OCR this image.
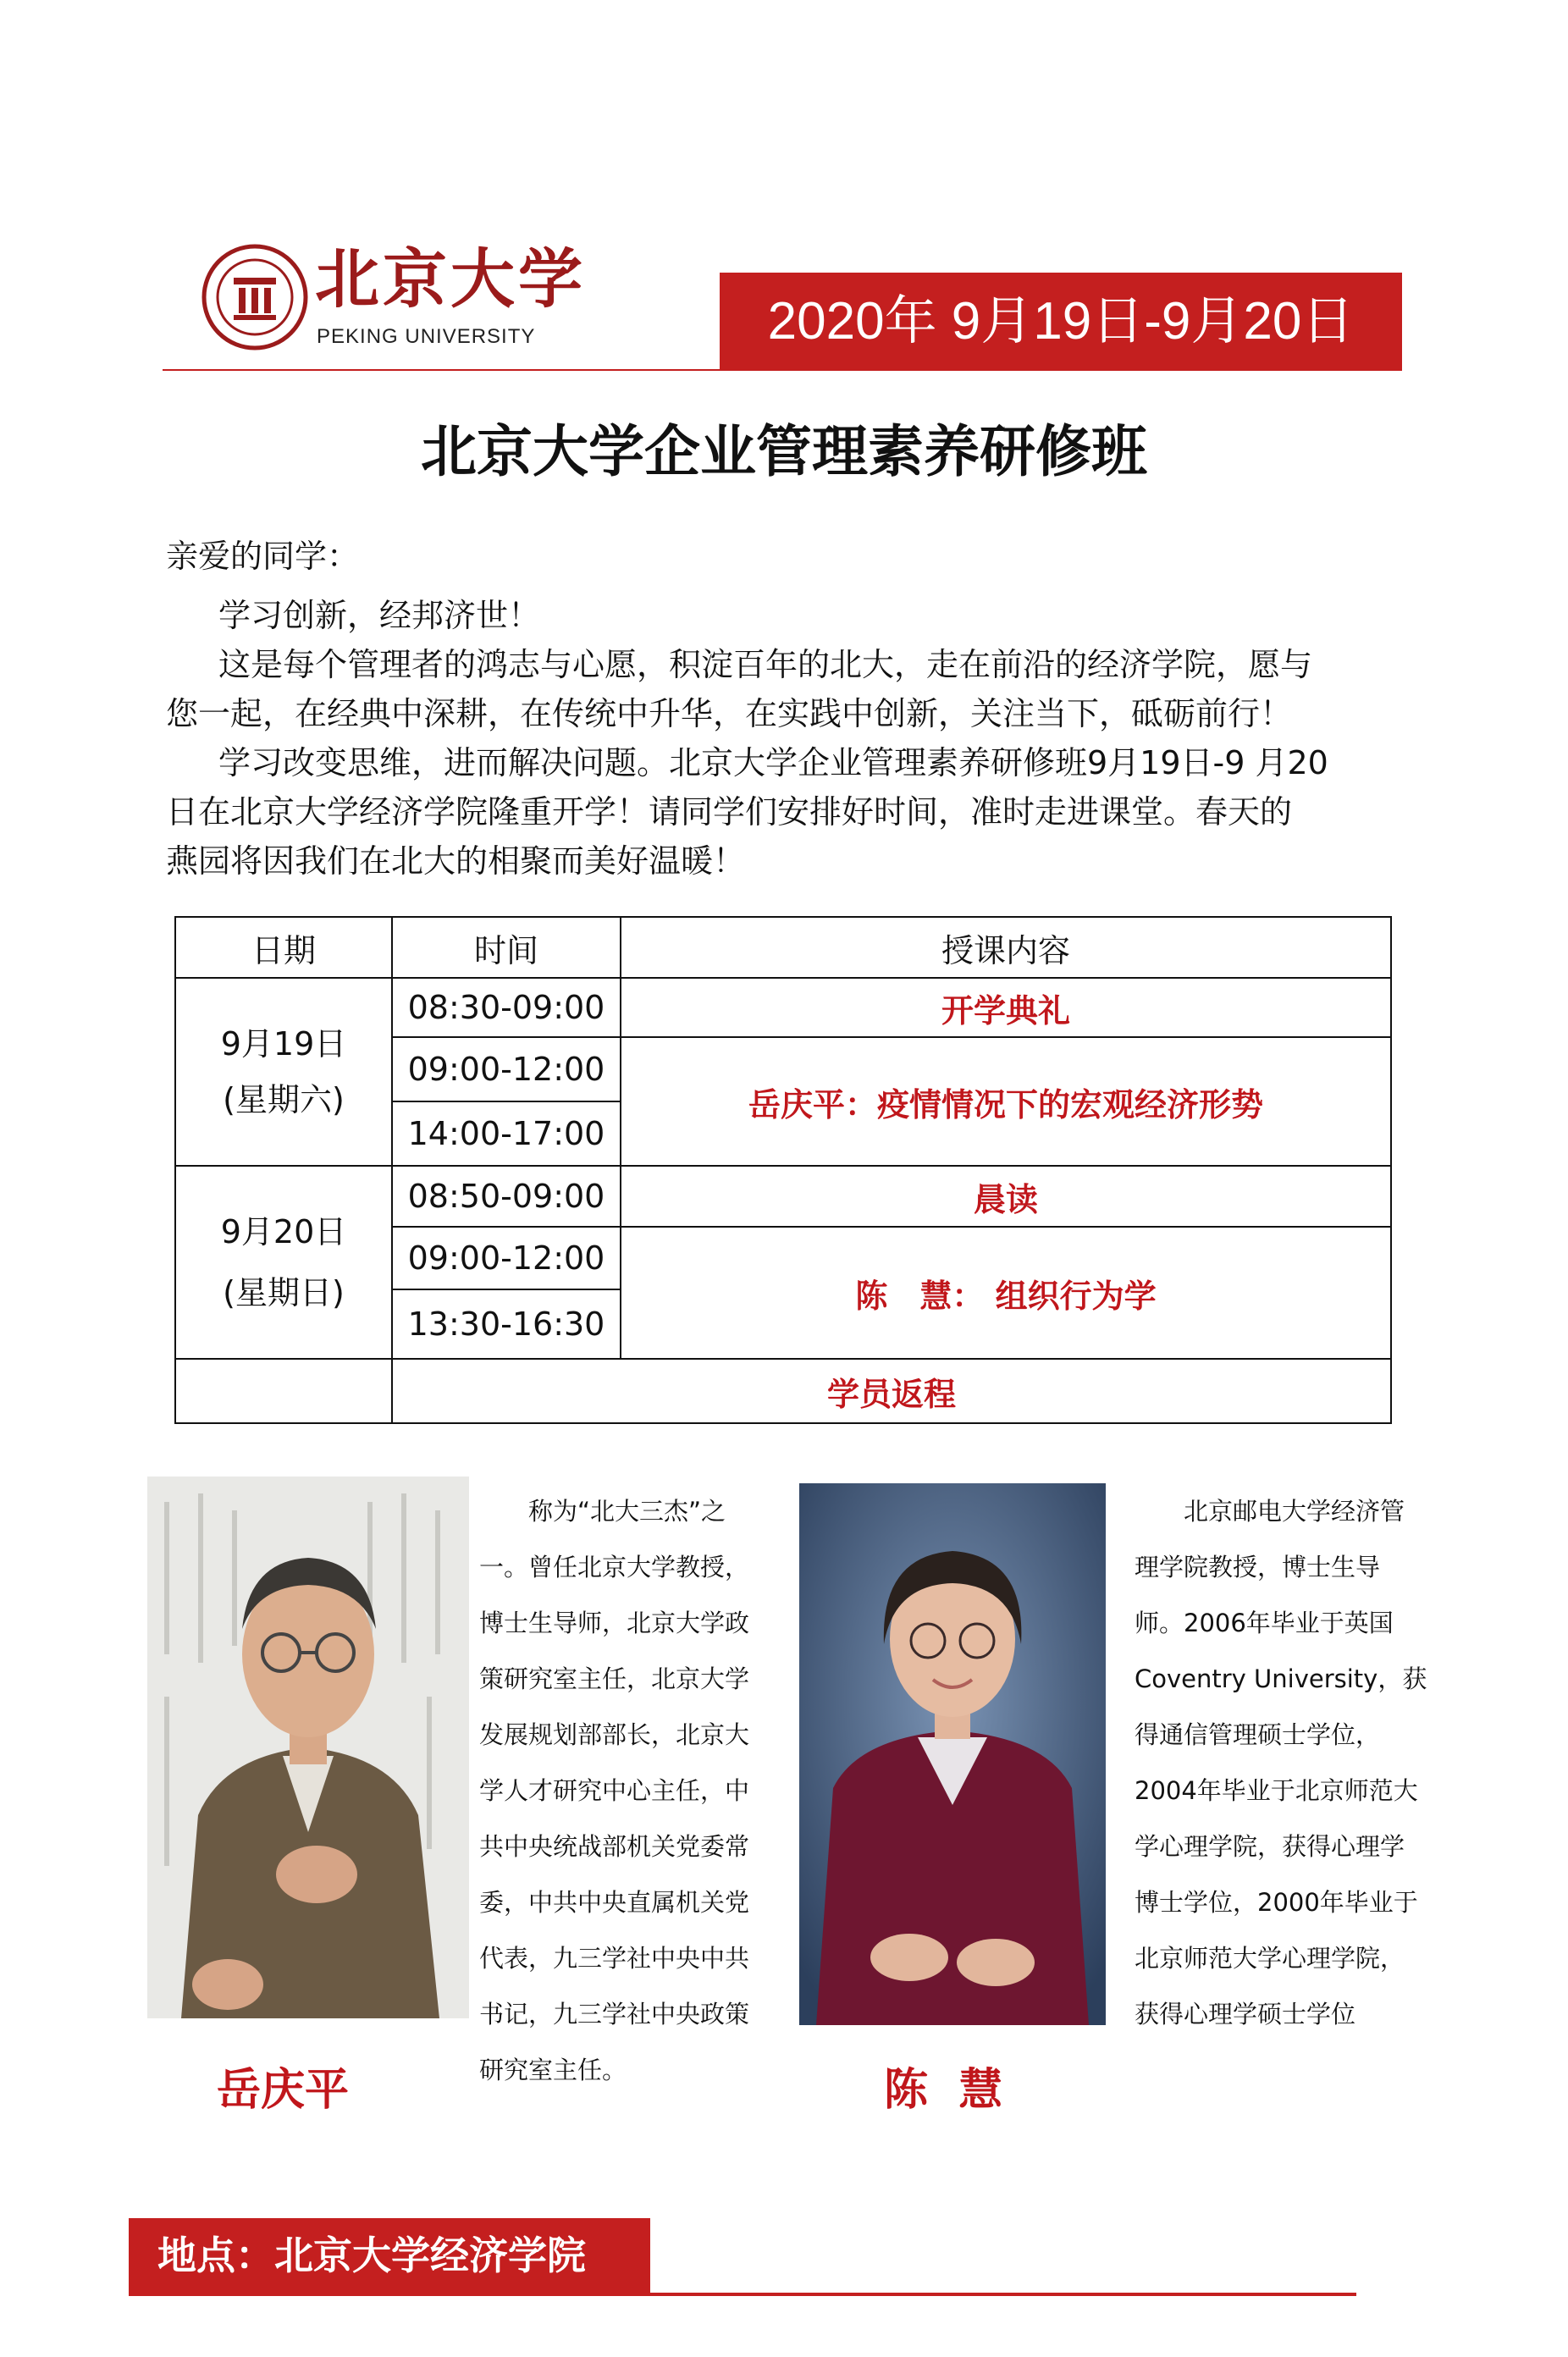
北京大学
PEKING UNIVERSITY	2020年 9月19日-9月20日
北京大学企业管理素养研修班
亲爱的同学：
学习创新，经邦济世！
这是每个管理者的鸿志与心愿，积淀百年的北大，走在前沿的经济学院，愿与
您一起，在经典中深耕，在传统中升华，在实践中创新，关注当下，砥砺前行！
学习改变思维，进而解决问题。北京大学企业管理素养研修班9月19日-9 月20
日在北京大学经济学院隆重开学！请同学们安排好时间，准时走进课堂。春天的
燕园将因我们在北大的相聚而美好温暖！
日期	时间	授课内容

9月19日
(星期六)	08:30-09:00	开学典礼
	09:00-12:00	岳庆平：疫情情况下的宏观经济形势
	14:00-17:00	

9月20日
(星期日)	08:50-09:00	晨读
	09:00-12:00	陈　慧： 组织行为学
	13:30-16:30	
	学员返程	
　　称为“北大三杰”之
一。曾任北京大学教授，
博士生导师，北京大学政
策研究室主任，北京大学
发展规划部部长，北京大
学人才研究中心主任，中
共中央统战部机关党委常
委，中共中央直属机关党
代表，九三学社中央中共
书记，九三学社中央政策
研究室主任。
　　北京邮电大学经济管
理学院教授，博士生导
师。2006年毕业于英国
Coventry University，获
得通信管理硕士学位，
2004年毕业于北京师范大
学心理学院，获得心理学
博士学位，2000年毕业于
北京师范大学心理学院，
获得心理学硕士学位
岳庆平	陈  慧
地点：北京大学经济学院
